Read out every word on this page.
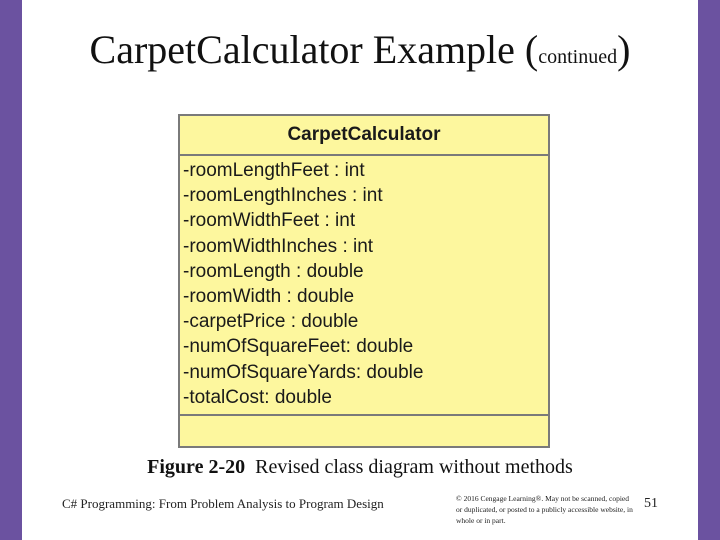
CarpetCalculator Example (continued)
CarpetCalculator
-roomLengthFeet : int
-roomLengthInches : int
-roomWidthFeet : int
-roomWidthInches : int
-roomLength : double
-roomWidth : double
-carpetPrice : double
-numOfSquareFeet: double
-numOfSquareYards: double
-totalCost: double
Figure 2-20 Revised class diagram without methods
C# Programming: From Problem Analysis to Program Design	© 2016 Cengage Learning®. May not be scanned, copied or duplicated, or posted to a publicly accessible website, in whole or in part.
51
